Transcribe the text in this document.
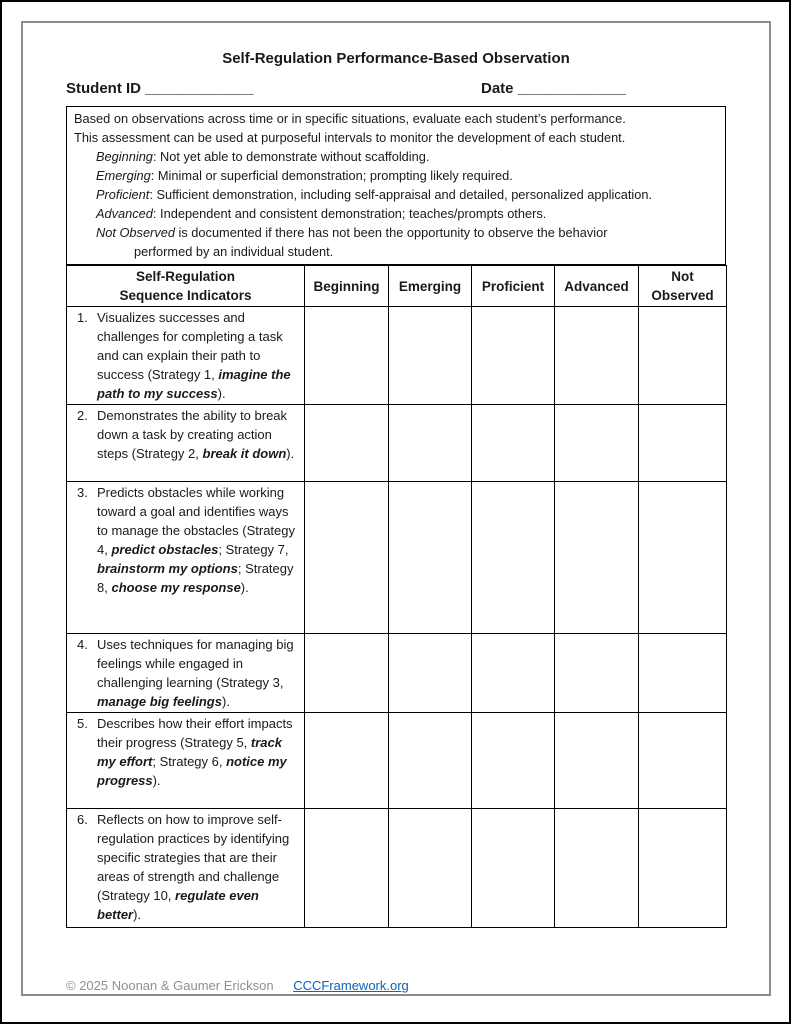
Self-Regulation Performance-Based Observation
Student ID _____________	Date _____________
Based on observations across time or in specific situations, evaluate each student’s performance.
This assessment can be used at purposeful intervals to monitor the development of each student.
Beginning: Not yet able to demonstrate without scaffolding.
Emerging: Minimal or superficial demonstration; prompting likely required.
Proficient: Sufficient demonstration, including self-appraisal and detailed, personalized application.
Advanced: Independent and consistent demonstration; teaches/prompts others.
Not Observed is documented if there has not been the opportunity to observe the behavior
performed by an individual student.
Self-Regulation
Sequence Indicators	Beginning	Emerging	Proficient	Advanced	Not Observed
1. Visualizes successes and challenges for completing a task and can explain their path to success (Strategy 1, imagine the path to my success).					
2. Demonstrates the ability to break down a task by creating action steps (Strategy 2, break it down).					
3. Predicts obstacles while working toward a goal and identifies ways to manage the obstacles (Strategy 4, predict obstacles; Strategy 7, brainstorm my options; Strategy 8, choose my response).					
4. Uses techniques for managing big feelings while engaged in challenging learning (Strategy 3, manage big feelings).					
5. Describes how their effort impacts their progress (Strategy 5, track my effort; Strategy 6, notice my progress).					
6. Reflects on how to improve self-regulation practices by identifying specific strategies that are their areas of strength and challenge (Strategy 10, regulate even better).					
© 2025 Noonan & Gaumer Erickson CCCFramework.org
